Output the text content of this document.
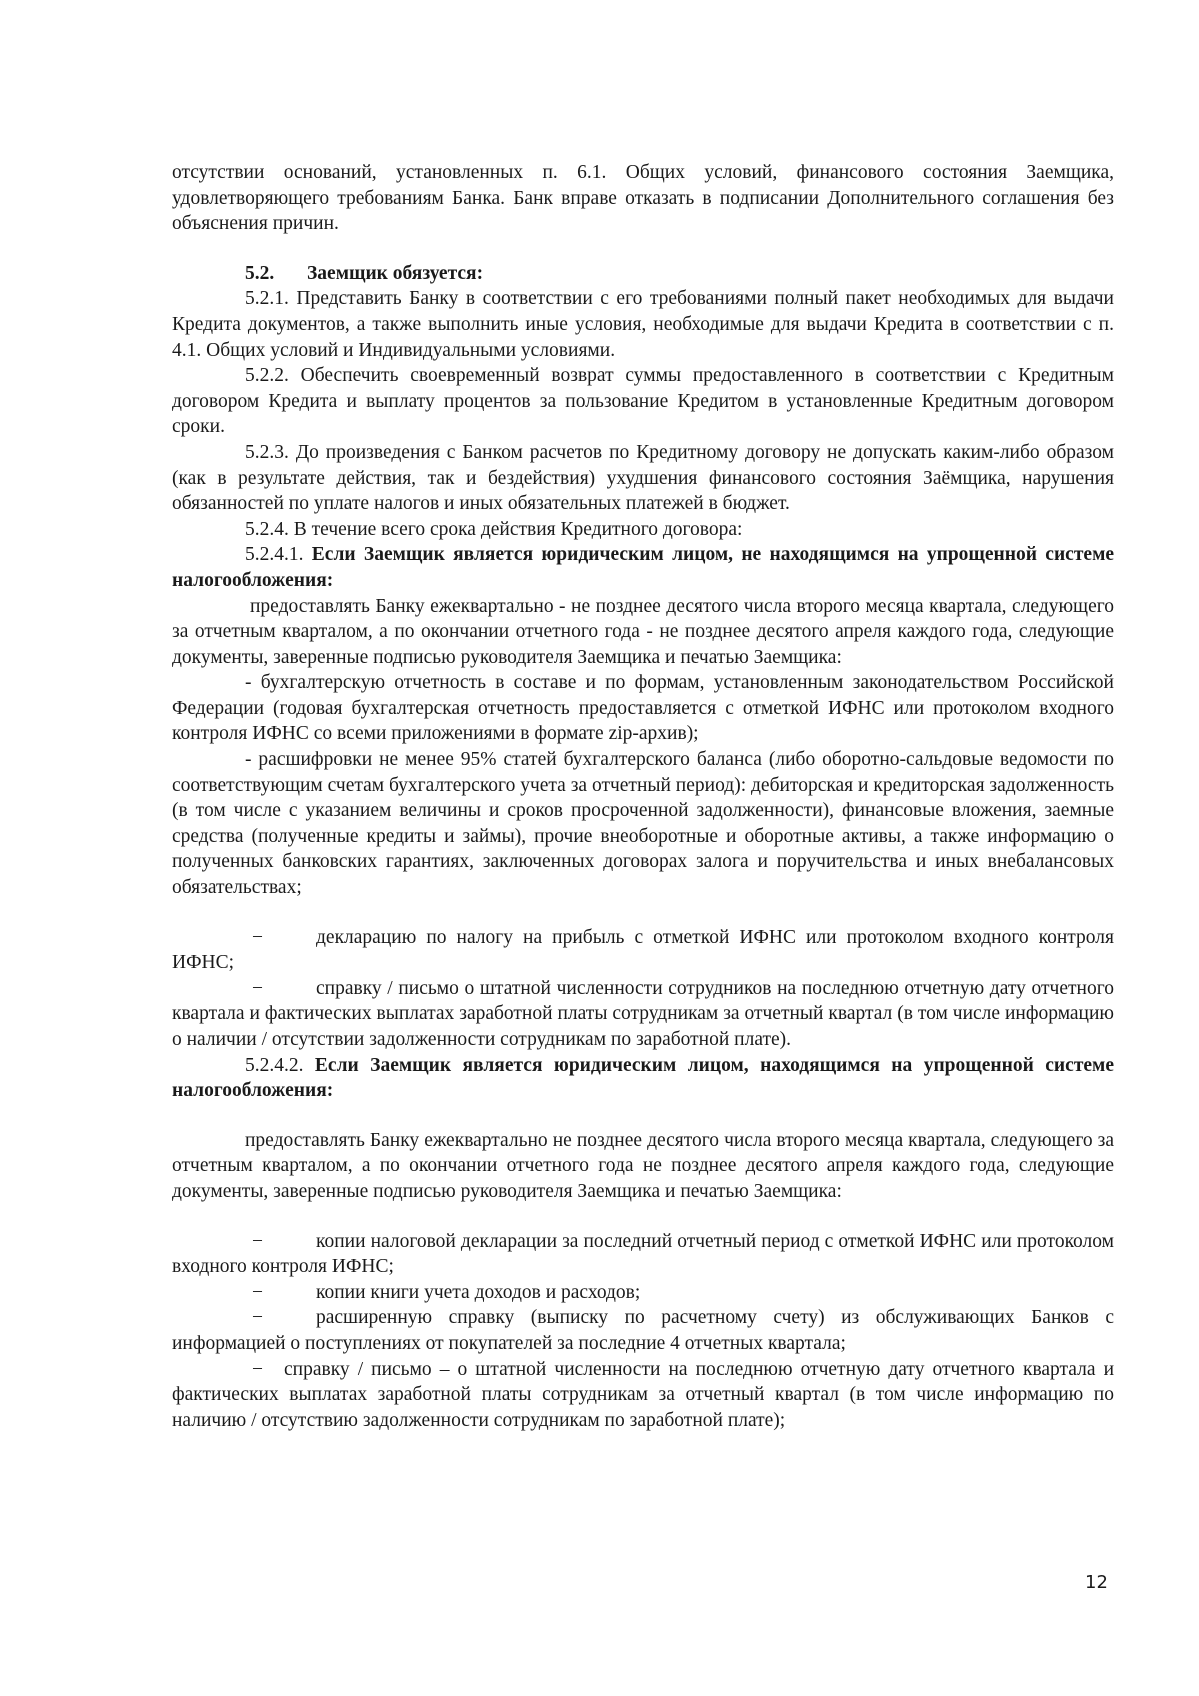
отсутствии оснований, установленных п. 6.1. Общих условий, финансового состояния Заемщика, удовлетворяющего требованиям Банка. Банк вправе отказать в подписании Дополнительного соглашения без объяснения причин.

5.2. Заемщик обязуется:

5.2.1. Представить Банку в соответствии с его требованиями полный пакет необходимых для выдачи Кредита документов, а также выполнить иные условия, необходимые для выдачи Кредита в соответствии с п. 4.1. Общих условий и Индивидуальными условиями.

5.2.2. Обеспечить своевременный возврат суммы предоставленного в соответствии с Кредитным договором Кредита и выплату процентов за пользование Кредитом в установленные Кредитным договором сроки.

5.2.3. До произведения с Банком расчетов по Кредитному договору не допускать каким-либо образом (как в результате действия, так и бездействия) ухудшения финансового состояния Заёмщика, нарушения обязанностей по уплате налогов и иных обязательных платежей в бюджет.

5.2.4. В течение всего срока действия Кредитного договора:

5.2.4.1. Если Заемщик является юридическим лицом, не находящимся на упрощенной системе налогообложения:

предоставлять Банку ежеквартально - не позднее десятого числа второго месяца квартала, следующего за отчетным кварталом, а по окончании отчетного года - не позднее десятого апреля каждого года, следующие документы, заверенные подписью руководителя Заемщика и печатью Заемщика:

- бухгалтерскую отчетность в составе и по формам, установленным законодательством Российской Федерации (годовая бухгалтерская отчетность предоставляется с отметкой ИФНС или протоколом входного контроля ИФНС со всеми приложениями в формате zip-архив);

- расшифровки не менее 95% статей бухгалтерского баланса (либо оборотно-сальдовые ведомости по соответствующим счетам бухгалтерского учета за отчетный период): дебиторская и кредиторская задолженность (в том числе с указанием величины и сроков просроченной задолженности), финансовые вложения, заемные средства (полученные кредиты и займы), прочие внеоборотные и оборотные активы, а также информацию о полученных банковских гарантиях, заключенных договорах залога и поручительства и иных внебалансовых обязательствах;

−	декларацию по налогу на прибыль с отметкой ИФНС или протоколом входного контроля ИФНС;

−	справку / письмо о штатной численности сотрудников на последнюю отчетную дату отчетного квартала и фактических выплатах заработной платы сотрудникам за отчетный квартал (в том числе информацию о наличии / отсутствии задолженности сотрудникам по заработной плате).

5.2.4.2. Если Заемщик является юридическим лицом, находящимся на упрощенной системе налогообложения:

предоставлять Банку ежеквартально не позднее десятого числа второго месяца квартала, следующего за отчетным кварталом, а по окончании отчетного года не позднее десятого апреля каждого года, следующие документы, заверенные подписью руководителя Заемщика и печатью Заемщика:

−	копии налоговой декларации за последний отчетный период с отметкой ИФНС или протоколом входного контроля ИФНС;

−	копии книги учета доходов и расходов;

−	расширенную справку (выписку по расчетному счету) из обслуживающих Банков с информацией о поступлениях от покупателей за последние 4 отчетных квартала;

− справку / письмо – о штатной численности на последнюю отчетную дату отчетного квартала и фактических выплатах заработной платы сотрудникам за отчетный квартал (в том числе информацию по наличию / отсутствию задолженности сотрудникам по заработной плате);

12
